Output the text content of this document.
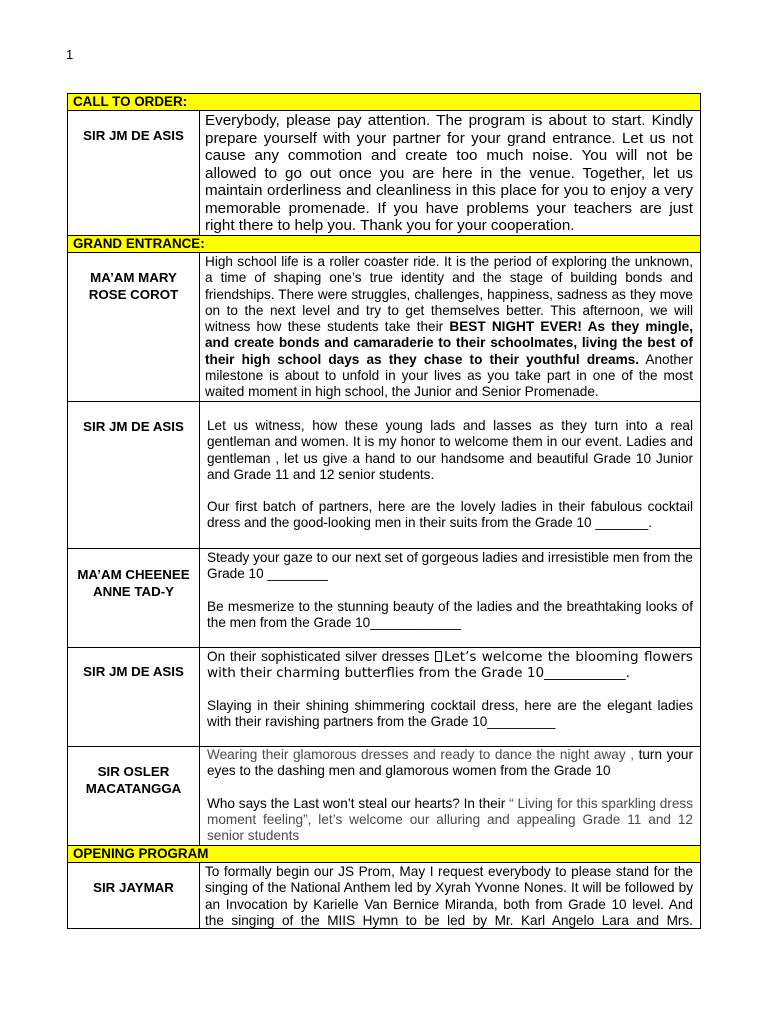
1
CALL TO ORDER:
SIR JM DE ASIS

Everybody, please pay attention. The program is about to start. Kindly prepare yourself with your partner for your grand entrance. Let us not cause any commotion and create too much noise. You will not be allowed to go out once you are here in the venue. Together, let us maintain orderliness and cleanliness in this place for you to enjoy a very memorable promenade. If you have problems your teachers are just right there to help you. Thank you for your cooperation.

GRAND ENTRANCE:
MA’AM MARY
ROSE COROT

High school life is a roller coaster ride. It is the period of exploring the unknown, a time of shaping one’s true identity and the stage of building bonds and friendships. There were struggles, challenges, happiness, sadness as they move on to the next level and try to get themselves better. This afternoon, we will witness how these students take their BEST NIGHT EVER! As they mingle, and create bonds and camaraderie to their schoolmates, living the best of their high school days as they chase to their youthful dreams. Another milestone is about to unfold in your lives as you take part in one of the most waited moment in high school, the Junior and Senior Promenade.

SIR JM DE ASIS	Let us witness, how these young lads and lasses as they turn into a real gentleman and women. It is my honor to welcome them in our event. Ladies and gentleman , let us give a hand to our handsome and beautiful Grade 10 Junior and Grade 11 and 12 senior students.

Our first batch of partners, here are the lovely ladies in their fabulous cocktail dress and the good-looking men in their suits from the Grade 10 _______.

MA’AM CHEENEE
ANNE TAD-Y

Steady your gaze to our next set of gorgeous ladies and irresistible men from the Grade 10 ________

Be mesmerize to the stunning beauty of the ladies and the breathtaking looks of the men from the Grade 10____________

SIR JM DE ASIS

On their sophisticated silver dresses Let’s welcome the blooming flowers with their charming butterflies from the Grade 10____________.

Slaying in their shining shimmering cocktail dress, here are the elegant ladies with their ravishing partners from the Grade 10_________

SIR OSLER
MACATANGGA

Wearing their glamorous dresses and ready to dance the night away , turn your eyes to the dashing men and glamorous women from the Grade 10

Who says the Last won’t steal our hearts? In their “ Living for this sparkling dress moment feeling”, let’s welcome our alluring and appealing Grade 11 and 12 senior students

OPENING PROGRAM
SIR JAYMAR

To formally begin our JS Prom, May I request everybody to please stand for the singing of the National Anthem led by Xyrah Yvonne Nones. It will be followed by an Invocation by Karielle Van Bernice Miranda, both from Grade 10 level. And the singing of the MIIS Hymn to be led by Mr. Karl Angelo Lara and Mrs.
